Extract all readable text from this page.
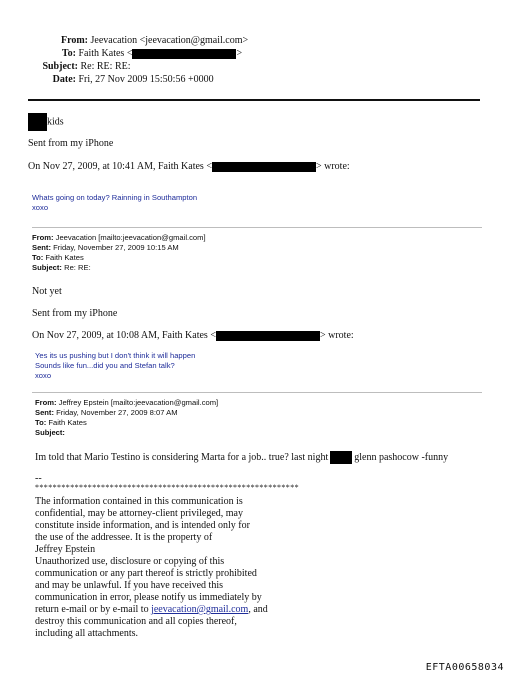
From: Jeevacation <jeevacation@gmail.com>
To: Faith Kates <	>
Subject: Re: RE: RE:
Date: Fri, 27 Nov 2009 15:50:56 +0000
kids
Sent from my iPhone
On Nov 27, 2009, at 10:41 AM, Faith Kates <	> wrote:
Whats going on today? Rainning in Southampton
xoxo
From: Jeevacation [mailto:jeevacation@gmail.com]
Sent: Friday, November 27, 2009 10:15 AM
To: Faith Kates
Subject: Re: RE:
Not yet
Sent from my iPhone
On Nov 27, 2009, at 10:08 AM, Faith Kates <	> wrote:
Yes its us pushing but I don't think it will happen
Sounds like fun...did you and Stefan talk?
xoxo
From: Jeffrey Epstein [mailto:jeevacation@gmail.com]
Sent: Friday, November 27, 2009 8:07 AM
To: Faith Kates
Subject:
Im told that Mario Testino is considering Marta for a job.. true? last night	glenn pashocow -funny
--
************************************************************
The information contained in this communication is
confidential, may be attorney-client privileged, may
constitute inside information, and is intended only for
the use of the addressee. It is the property of
Jeffrey Epstein
Unauthorized use, disclosure or copying of this
communication or any part thereof is strictly prohibited
and may be unlawful. If you have received this
communication in error, please notify us immediately by
return e-mail or by e-mail to jeevacation@gmail.com, and
destroy this communication and all copies thereof,
including all attachments.
EFTA00658034
